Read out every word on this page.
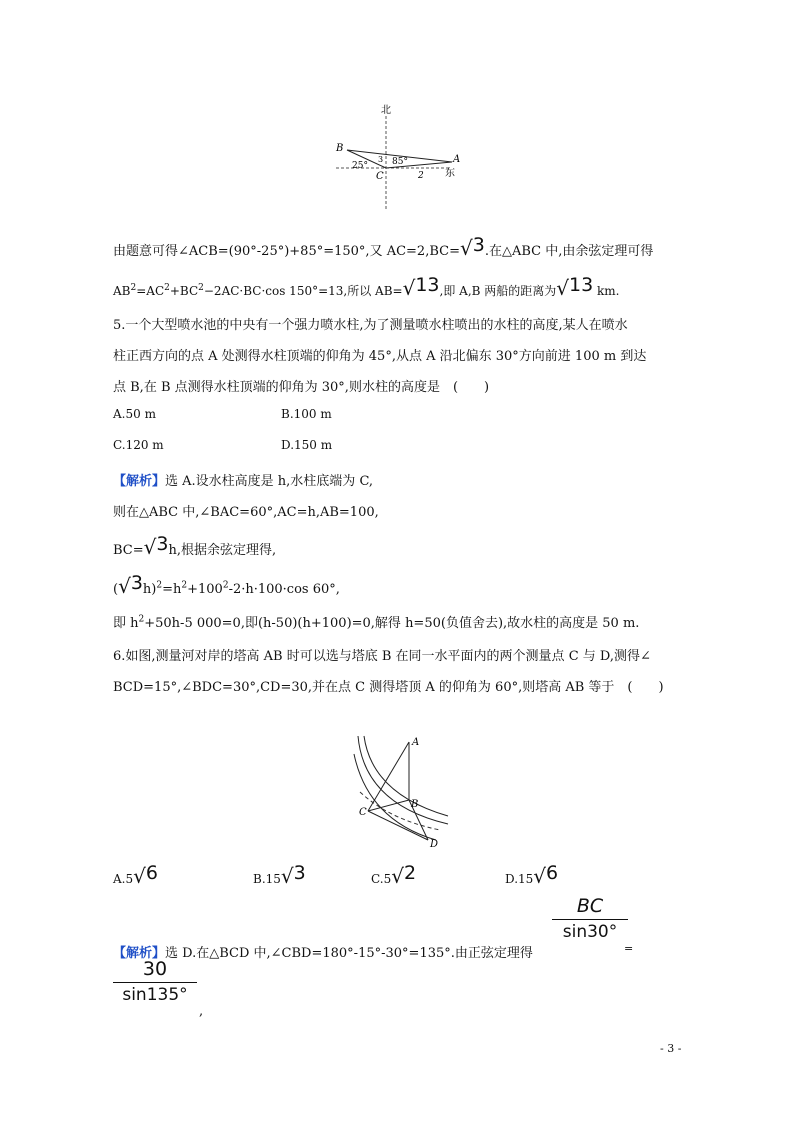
北
东
B
A
C
25°
3 85°
2
由题意可得∠ACB=(90°-25°)+85°=150°,又 AC=2,BC=√3.在△ABC 中,由余弦定理可得
$AB^2=AC^2+BC^2-2AC\cdot BC\cdot\cos$ 150°=13,所以 AB=√13,即 A,B 两船的距离为√13 km.
5.一个大型喷水池的中央有一个强力喷水柱,为了测量喷水柱喷出的水柱的高度,某人在喷水
柱正西方向的点 A 处测得水柱顶端的仰角为 45°,从点 A 沿北偏东 30°方向前进 100 m 到达
点 B,在 B 点测得水柱顶端的仰角为 30°,则水柱的高度是　(　　)
A.50 m	B.100 m
C.120 m	D.150 m
【解析】选 A.设水柱高度是 h,水柱底端为 C,
则在△ABC 中,∠BAC=60°,AC=h,AB=100,
BC=√3h,根据余弦定理得,
$(√3h)^2=h^2+100^2-2\cdot h\cdot 100\cdot\cos$ 60°,
即 $h^2+50h-5$ 000=0,即(h-50)(h+100)=0,解得 h=50(负值舍去),故水柱的高度是 50 m.
6.如图,测量河对岸的塔高 AB 时可以选与塔底 B 在同一水平面内的两个测量点 C 与 D,测得∠
BCD=15°,∠BDC=30°,CD=30,并在点 C 测得塔顶 A 的仰角为 60°,则塔高 AB 等于　(　　)
A
B
C
D
A.5√6	B.15√3	C.5√2	D.15√6
【解析】选 D.在△BCD 中,∠CBD=180°-15°-30°=135°.由正弦定理得
BC
sin30°
=
30
sin135°
,
- 3 -
